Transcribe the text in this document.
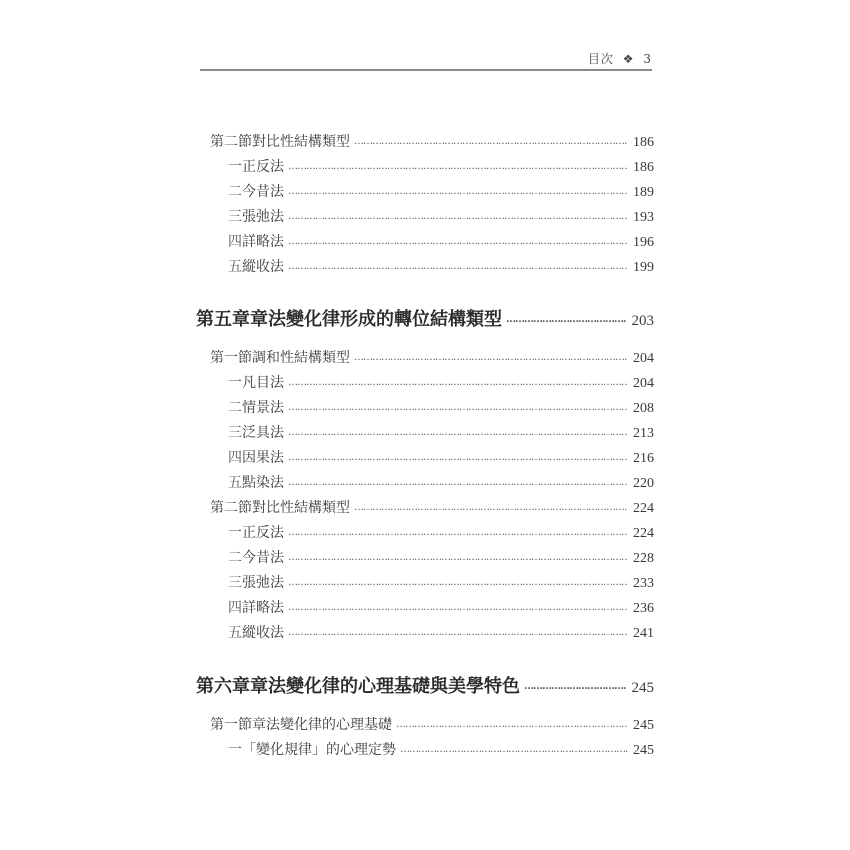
目次 ❖ 3
第二節 對比性結構類型 …………………………………………………………………………………………………………………………………………………………………………………………	186
一 正反法 …………………………………………………………………………………………………………………………………………………………………………………………	186
二 今昔法 …………………………………………………………………………………………………………………………………………………………………………………………	189
三 張弛法 …………………………………………………………………………………………………………………………………………………………………………………………	193
四 詳略法 …………………………………………………………………………………………………………………………………………………………………………………………	196
五 縱收法 …………………………………………………………………………………………………………………………………………………………………………………………	199
第五章 章法變化律形成的轉位結構類型 …………………………………………………………………………………………………………………………………………………………………………………………	203
第一節 調和性結構類型 …………………………………………………………………………………………………………………………………………………………………………………………	204
一 凡目法 …………………………………………………………………………………………………………………………………………………………………………………………	204
二 情景法 …………………………………………………………………………………………………………………………………………………………………………………………	208
三 泛具法 …………………………………………………………………………………………………………………………………………………………………………………………	213
四 因果法 …………………………………………………………………………………………………………………………………………………………………………………………	216
五 點染法 …………………………………………………………………………………………………………………………………………………………………………………………	220
第二節 對比性結構類型 …………………………………………………………………………………………………………………………………………………………………………………………	224
一 正反法 …………………………………………………………………………………………………………………………………………………………………………………………	224
二 今昔法 …………………………………………………………………………………………………………………………………………………………………………………………	228
三 張弛法 …………………………………………………………………………………………………………………………………………………………………………………………	233
四 詳略法 …………………………………………………………………………………………………………………………………………………………………………………………	236
五 縱收法 …………………………………………………………………………………………………………………………………………………………………………………………	241
第六章 章法變化律的心理基礎與美學特色 …………………………………………………………………………………………………………………………………………………………………………………………	245
第一節 章法變化律的心理基礎 …………………………………………………………………………………………………………………………………………………………………………………………	245
一 「變化規律」的心理定勢 …………………………………………………………………………………………………………………………………………………………………………………………	245
